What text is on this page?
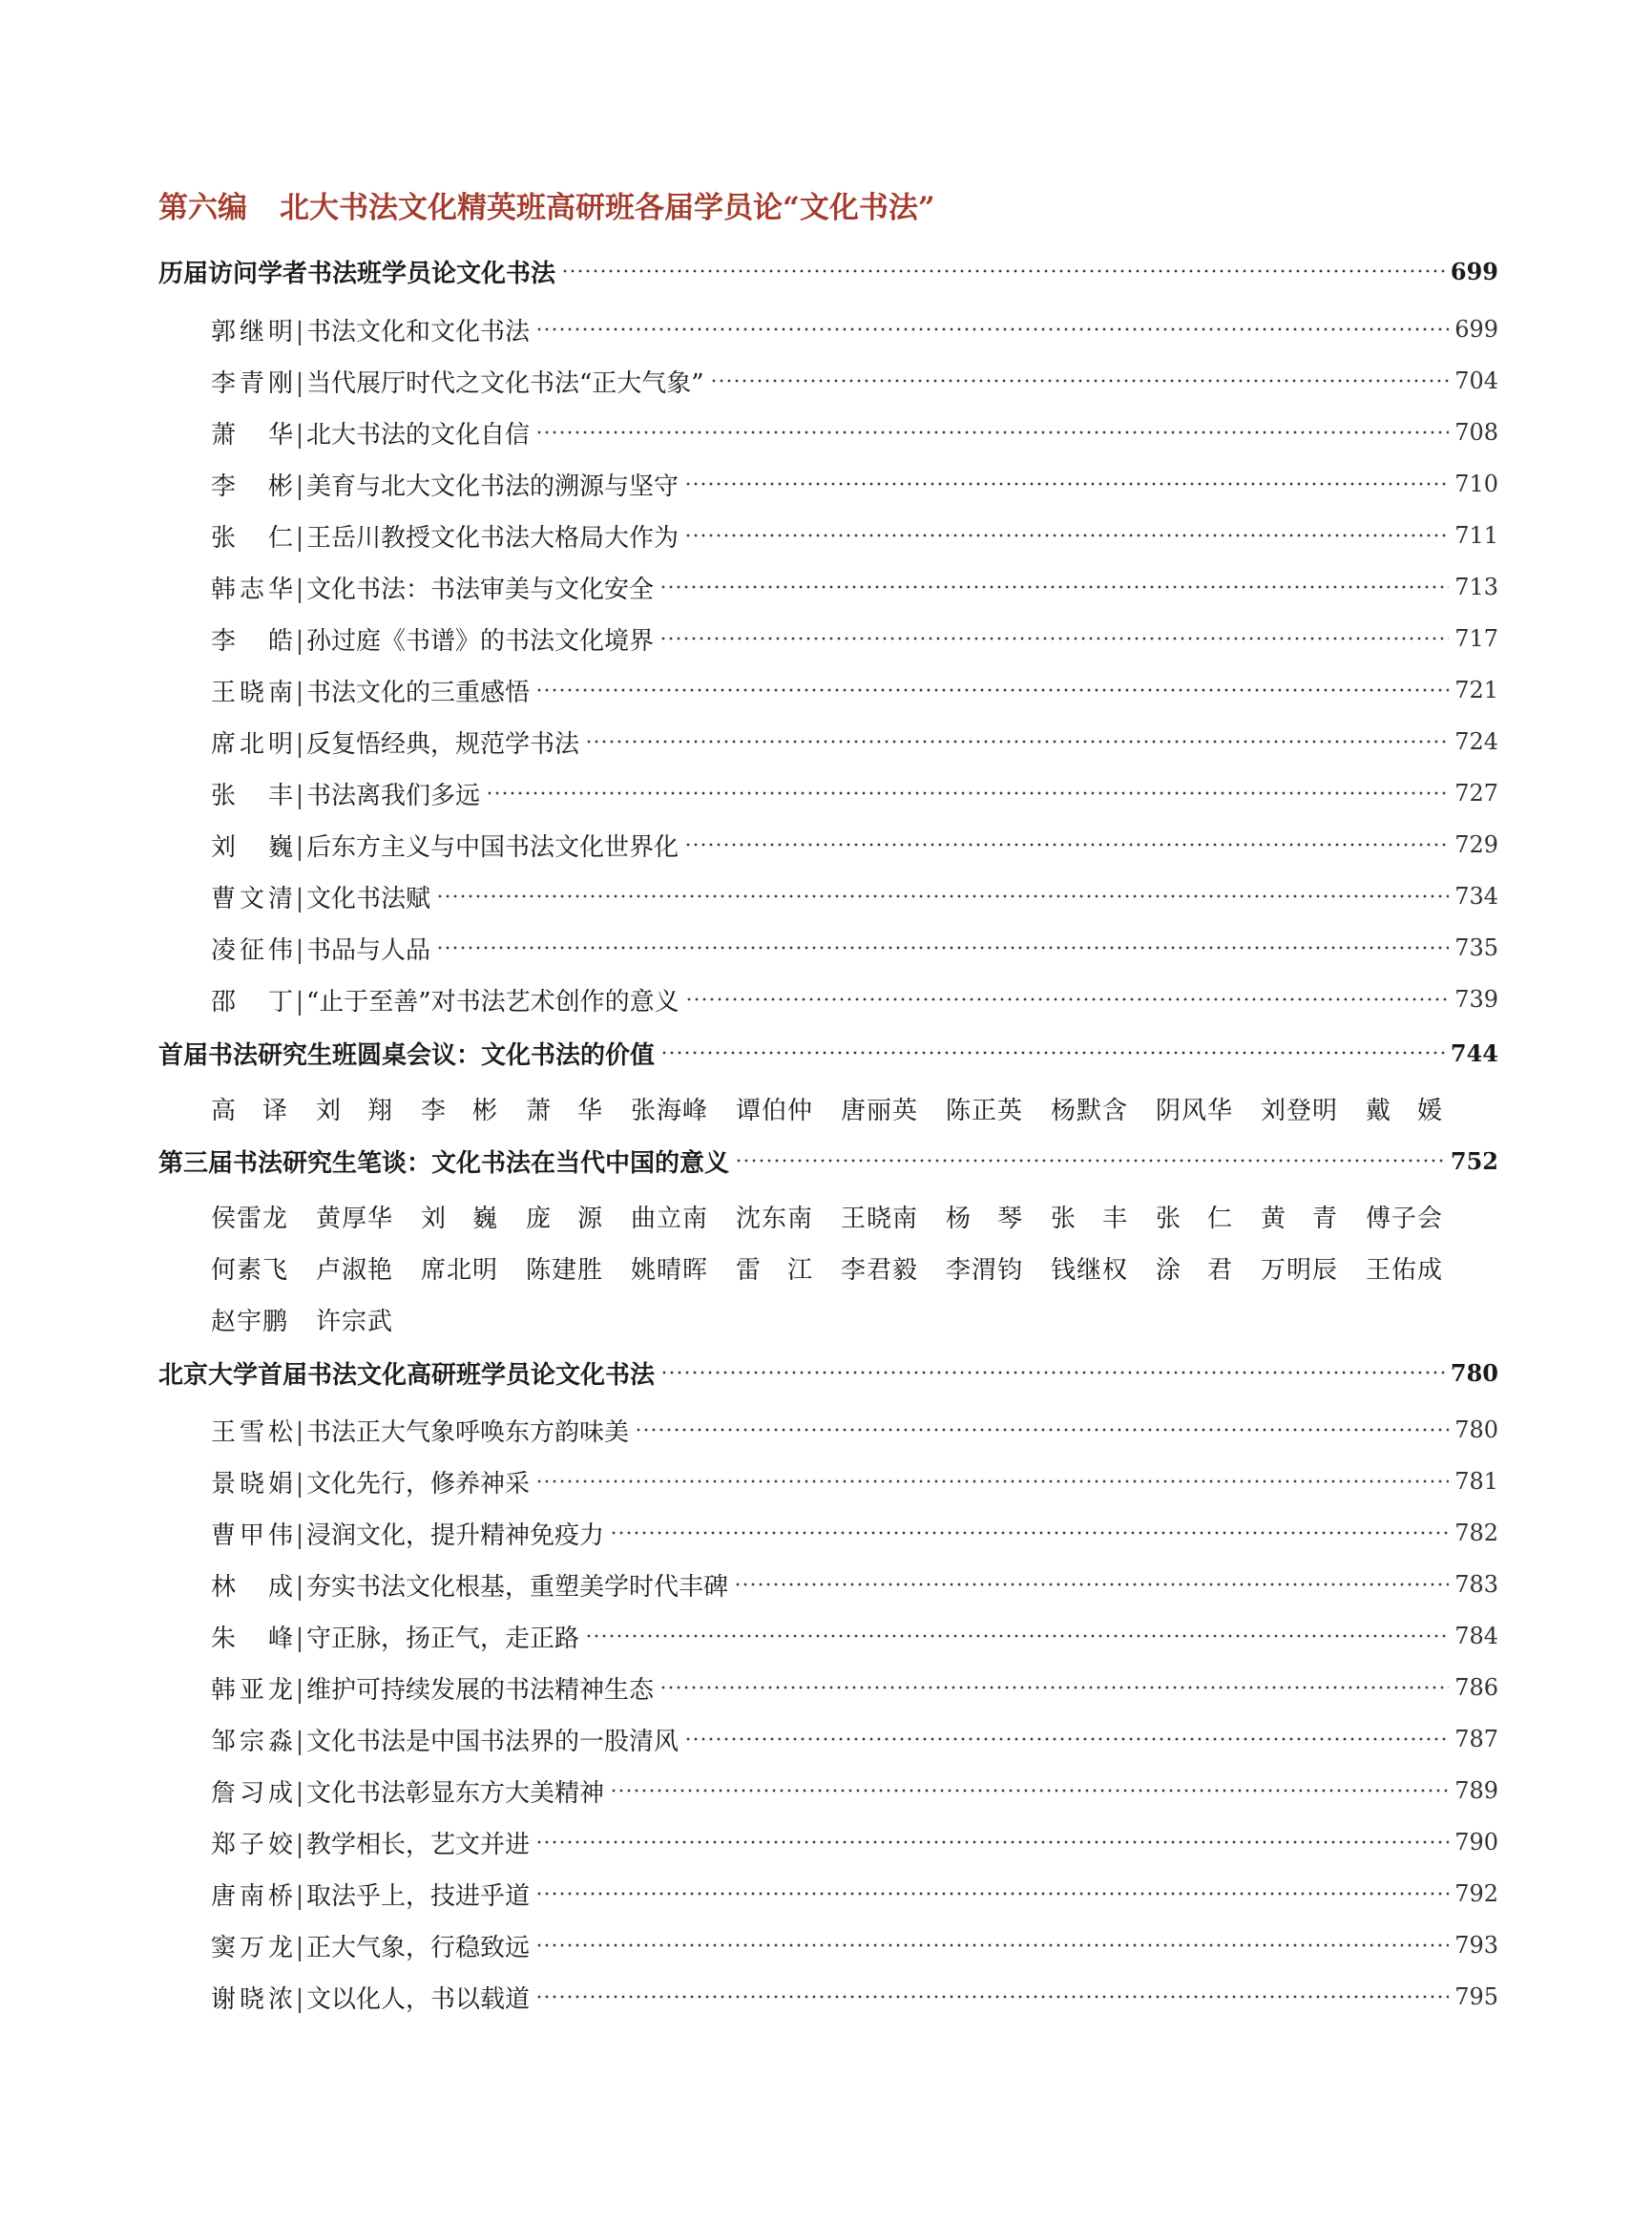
第六编 北大书法文化精英班高研班各届学员论“文化书法”
历届访问学者书法班学员论文化书法	699
郭继明 | 书法文化和文化书法	699
李青刚 | 当代展厅时代之文化书法“正大气象”	704
萧　华 | 北大书法的文化自信	708
李　彬 | 美育与北大文化书法的溯源与坚守	710
张　仁 | 王岳川教授文化书法大格局大作为	711
韩志华 | 文化书法：书法审美与文化安全	713
李　皓 | 孙过庭《书谱》的书法文化境界	717
王晓南 | 书法文化的三重感悟	721
席北明 | 反复悟经典，规范学书法	724
张　丰 | 书法离我们多远	727
刘　巍 | 后东方主义与中国书法文化世界化	729
曹文清 | 文化书法赋	734
凌征伟 | 书品与人品	735
邵　丁 | “止于至善”对书法艺术创作的意义	739
首届书法研究生班圆桌会议：文化书法的价值	744
高　译 刘　翔 李　彬 萧　华 张海峰 谭伯仲 唐丽英 陈正英 杨默含 阴风华 刘登明 戴　媛
第三届书法研究生笔谈：文化书法在当代中国的意义	752
侯雷龙 黄厚华 刘　巍 庞　源 曲立南 沈东南 王晓南 杨　琴 张　丰 张　仁 黄　青 傅子会
何素飞 卢淑艳 席北明 陈建胜 姚晴晖 雷　江 李君毅 李渭钧 钱继权 涂　君 万明辰 王佑成
赵宇鹏 许宗武
北京大学首届书法文化高研班学员论文化书法	780
王雪松 | 书法正大气象呼唤东方韵味美	780
景晓娟 | 文化先行，修养神采	781
曹甲伟 | 浸润文化，提升精神免疫力	782
林　成 | 夯实书法文化根基，重塑美学时代丰碑	783
朱　峰 | 守正脉，扬正气，走正路	784
韩亚龙 | 维护可持续发展的书法精神生态	786
邹宗淼 | 文化书法是中国书法界的一股清风	787
詹习成 | 文化书法彰显东方大美精神	789
郑子姣 | 教学相长，艺文并进	790
唐南桥 | 取法乎上，技进乎道	792
窦万龙 | 正大气象，行稳致远	793
谢晓浓 | 文以化人，书以载道	795
